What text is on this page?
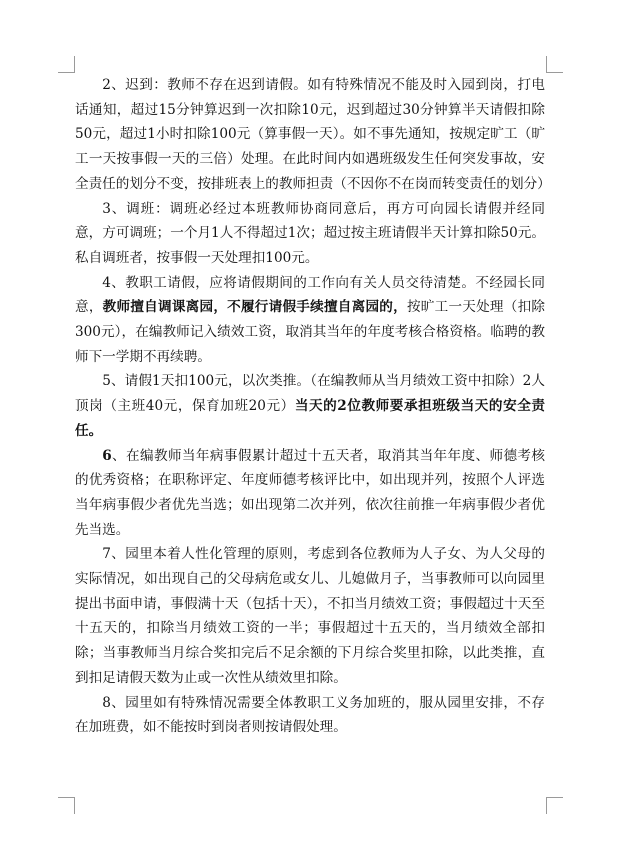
2、迟到：教师不存在迟到请假。如有特殊情况不能及时入园到岗，打电话通知，超过15分钟算迟到一次扣除10元，迟到超过30分钟算半天请假扣除50元，超过1小时扣除100元（算事假一天）。如不事先通知，按规定旷工（旷工一天按事假一天的三倍）处理。在此时间内如遇班级发生任何突发事故，安全责任的划分不变，按排班表上的教师担责（不因你不在岗而转变责任的划分）

3、调班：调班必经过本班教师协商同意后，再方可向园长请假并经同意，方可调班；一个月1人不得超过1次；超过按主班请假半天计算扣除50元。私自调班者，按事假一天处理扣100元。

4、教职工请假，应将请假期间的工作向有关人员交待清楚。不经园长同意，教师擅自调课离园，不履行请假手续擅自离园的，按旷工一天处理（扣除300元），在编教师记入绩效工资，取消其当年的年度考核合格资格。临聘的教师下一学期不再续聘。

5、请假1天扣100元，以次类推。（在编教师从当月绩效工资中扣除）2人顶岗（主班40元，保育加班20元）当天的2位教师要承担班级当天的安全责任。

6、在编教师当年病事假累计超过十五天者，取消其当年年度、师德考核的优秀资格；在职称评定、年度师德考核评比中，如出现并列，按照个人评选当年病事假少者优先当选；如出现第二次并列，依次往前推一年病事假少者优先当选。

7、园里本着人性化管理的原则，考虑到各位教师为人子女、为人父母的实际情况，如出现自己的父母病危或女儿、儿媳做月子，当事教师可以向园里提出书面申请，事假满十天（包括十天），不扣当月绩效工资；事假超过十天至十五天的，扣除当月绩效工资的一半；事假超过十五天的，当月绩效全部扣除；当事教师当月综合奖扣完后不足余额的下月综合奖里扣除，以此类推，直到扣足请假天数为止或一次性从绩效里扣除。

8、园里如有特殊情况需要全体教职工义务加班的，服从园里安排，不存在加班费，如不能按时到岗者则按请假处理。
